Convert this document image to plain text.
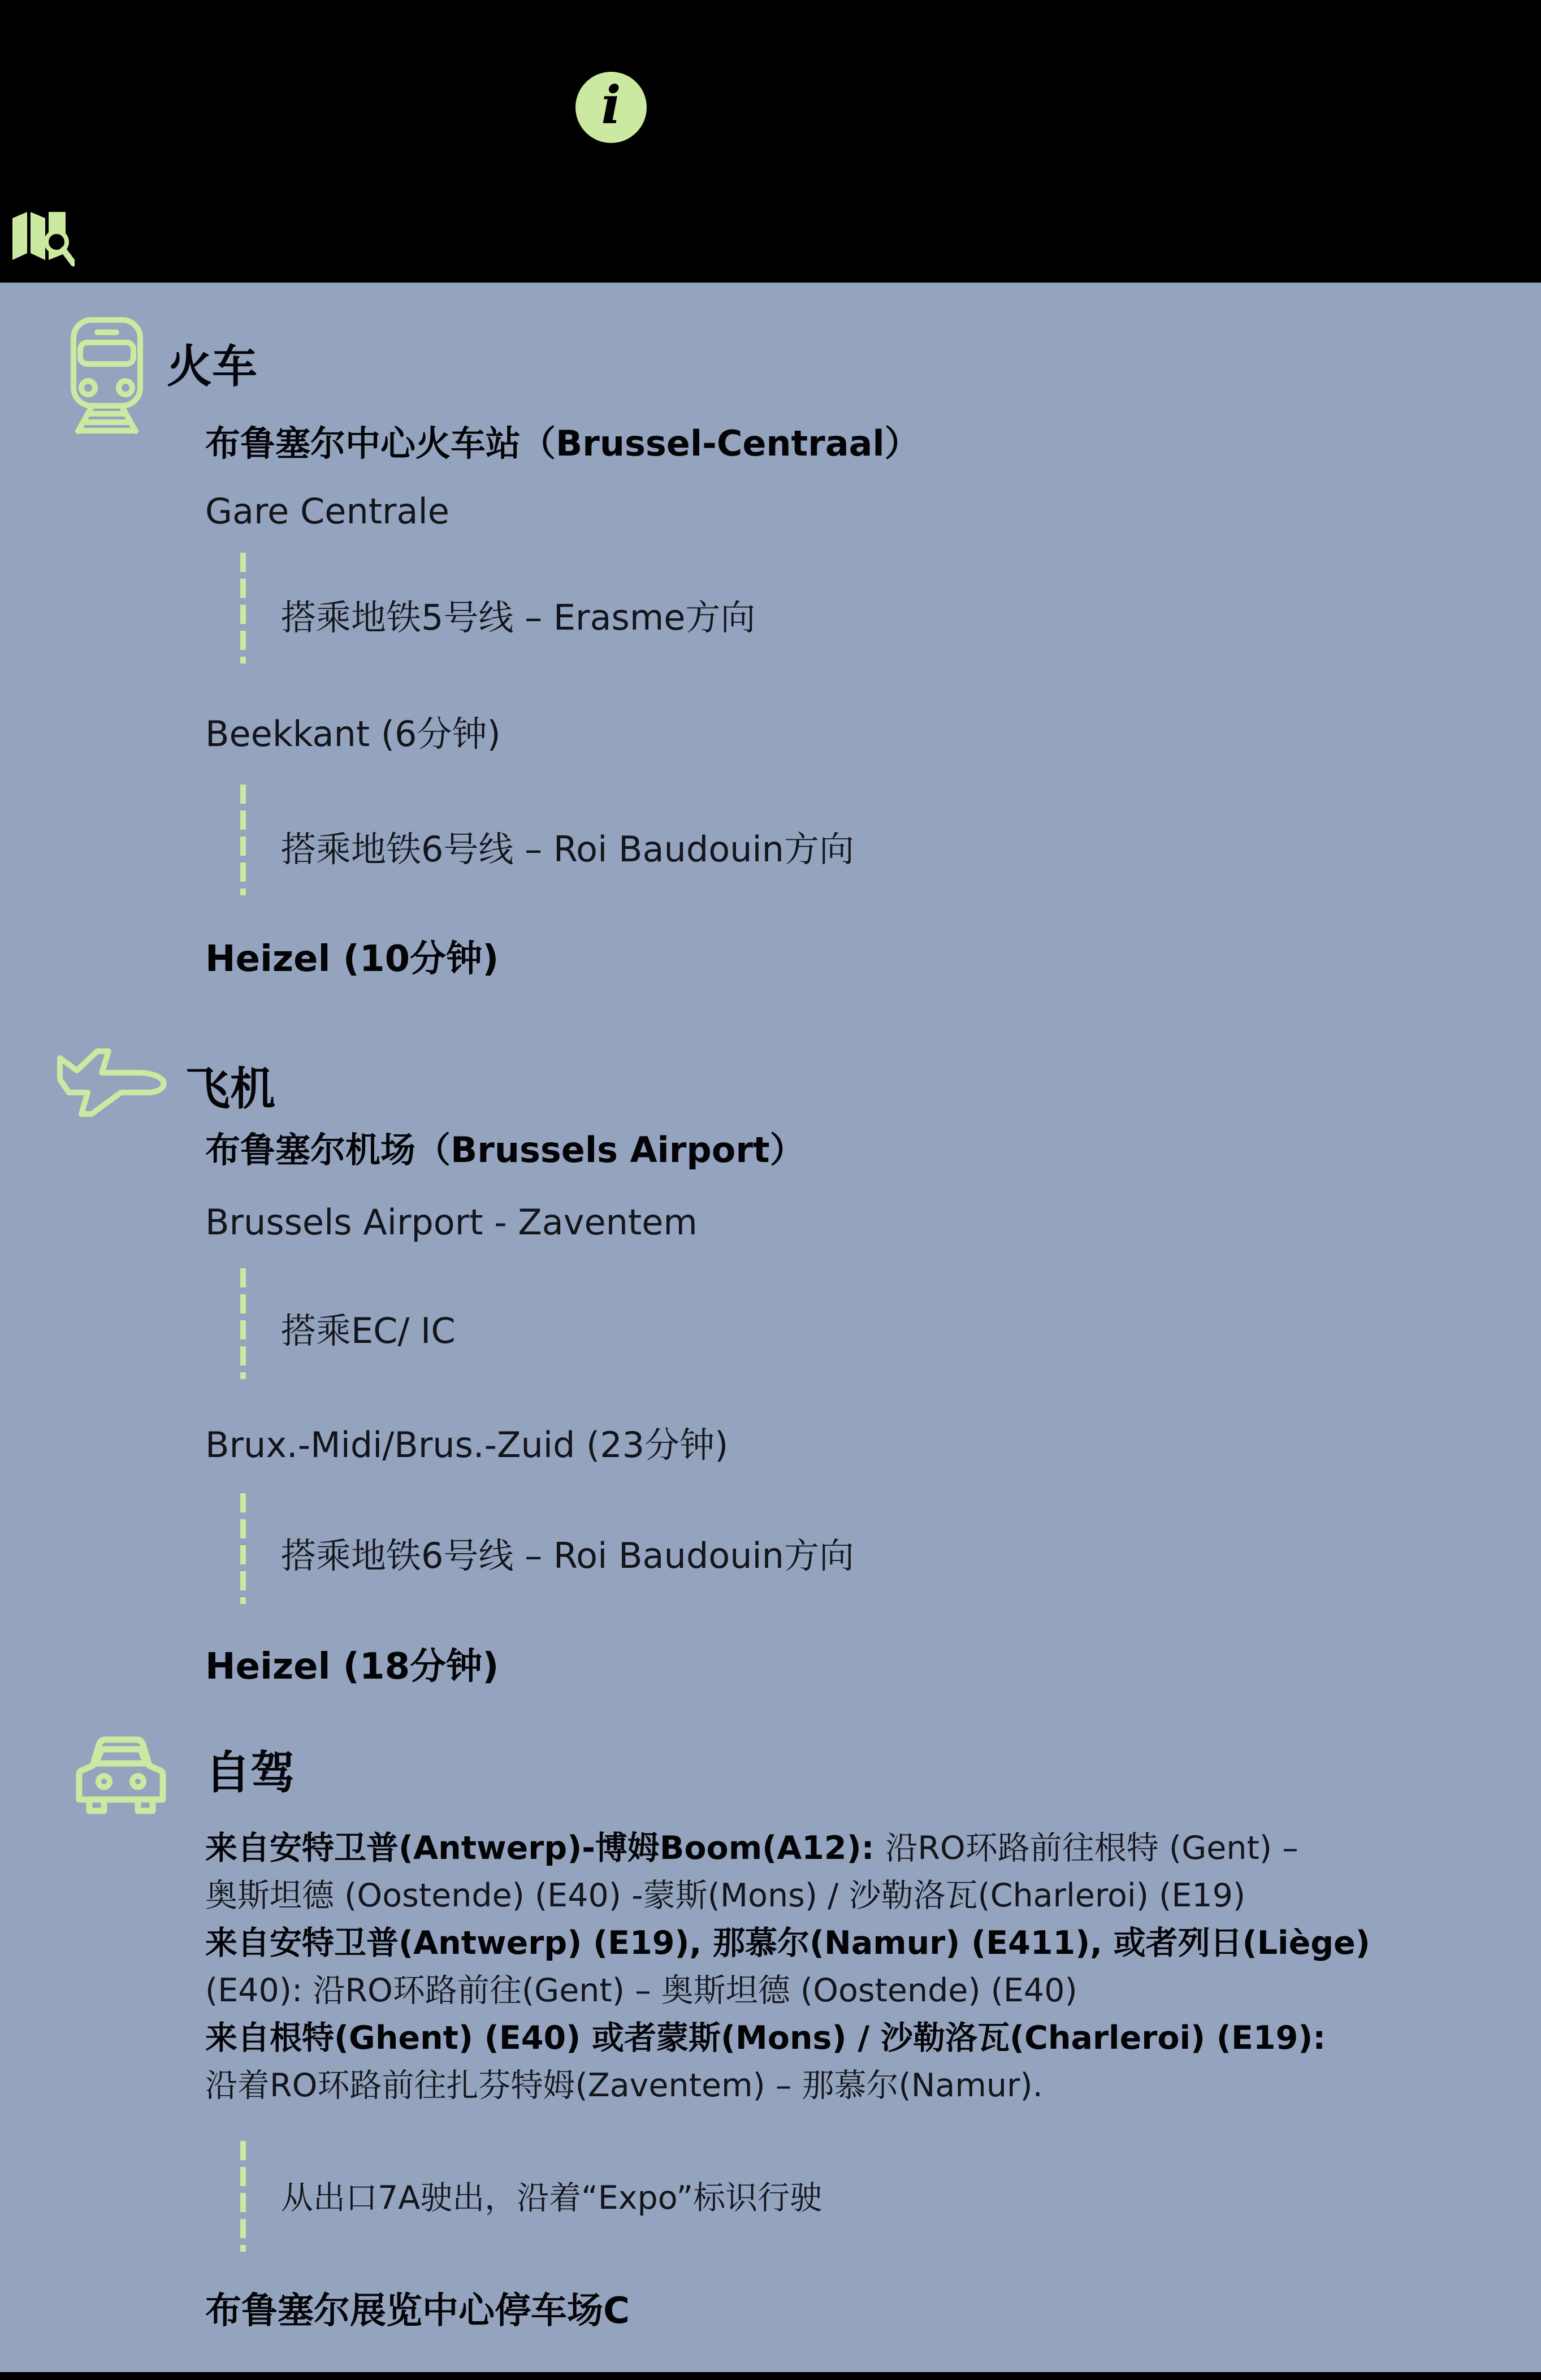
i
火车
布鲁塞尔中心火车站（Brussel-Centraal）
Gare Centrale
搭乘地铁5号线 – Erasme方向
Beekkant (6分钟)
搭乘地铁6号线 – Roi Baudouin方向
Heizel (10分钟)
飞机
布鲁塞尔机场（Brussels Airport）
Brussels Airport - Zaventem
搭乘EC/ IC
Brux.-Midi/Brus.-Zuid (23分钟)
搭乘地铁6号线 – Roi Baudouin方向
Heizel (18分钟)
自驾
来自安特卫普(Antwerp)-博姆Boom(A12): 沿RO环路前往根特 (Gent) –
奥斯坦德 (Oostende) (E40) -蒙斯(Mons) / 沙勒洛瓦(Charleroi) (E19)
来自安特卫普(Antwerp) (E19), 那慕尔(Namur) (E411), 或者列日(Liège)
(E40): 沿RO环路前往(Gent) – 奥斯坦德 (Oostende) (E40)
来自根特(Ghent) (E40) 或者蒙斯(Mons) / 沙勒洛瓦(Charleroi) (E19):
沿着RO环路前往扎芬特姆(Zaventem) – 那慕尔(Namur).
从出口7A驶出，沿着“Expo”标识行驶
布鲁塞尔展览中心停车场C
